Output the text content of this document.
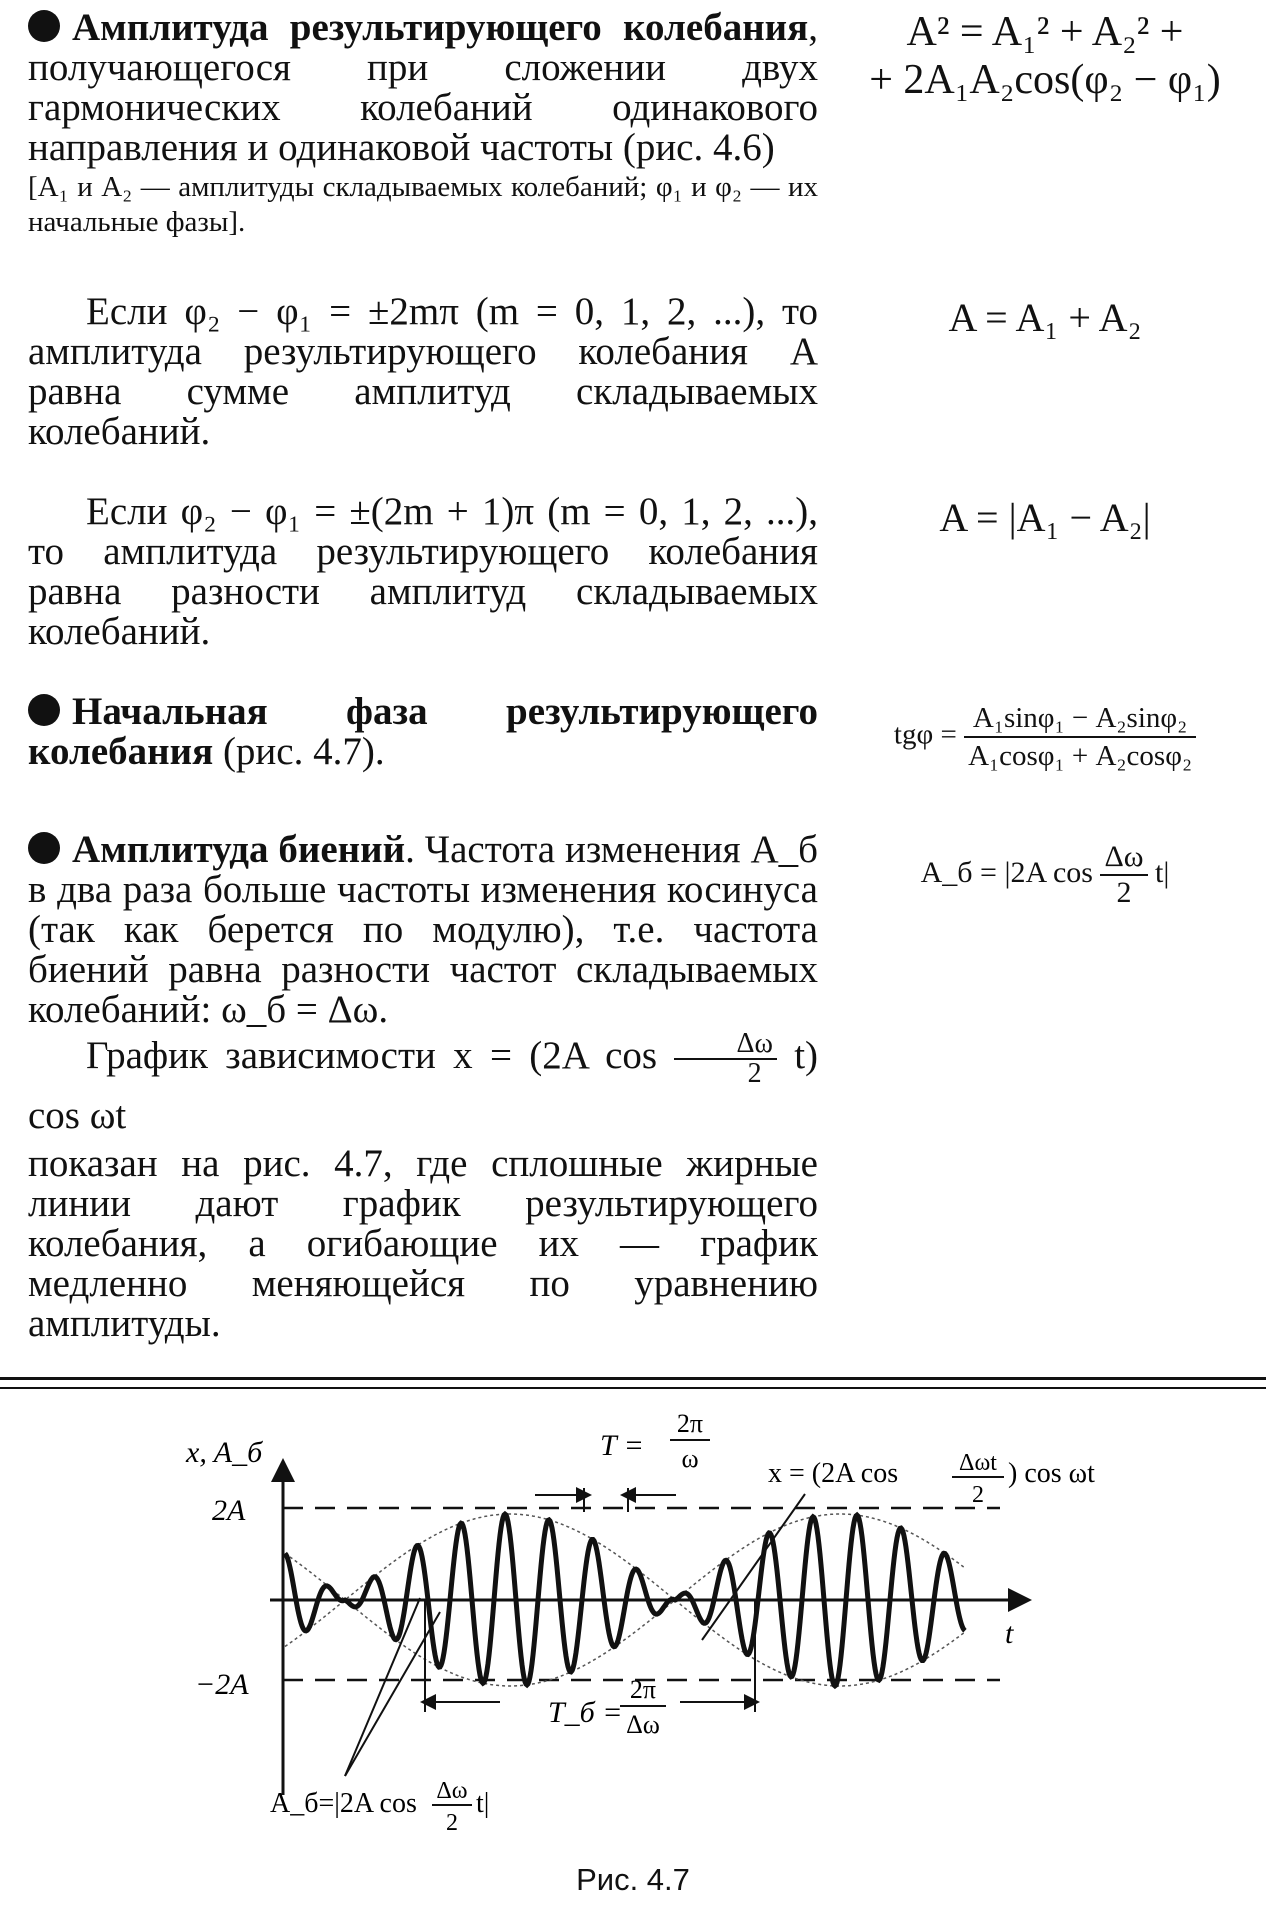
Амплитуда результирующего колебания, получающегося при сложении двух гармонических колебаний одинакового направления и одинаковой частоты (рис. 4.6)

[A₁ и A₂ — амплитуды складываемых колебаний; φ₁ и φ₂ — их начальные фазы].

A² = A₁² + A₂² +
+ 2A₁A₂cos(φ₂ − φ₁)

Если φ₂ − φ₁ = ±2mπ (m = 0, 1, 2, ...), то амплитуда результирующего колебания A равна сумме амплитуд складываемых колебаний.

A = A₁ + A₂

Если φ₂ − φ₁ = ±(2m + 1)π (m = 0, 1, 2, ...), то амплитуда результирующего колебания равна разности амплитуд складываемых колебаний.

A = |A₁ − A₂|

Начальная фаза результирующего колебания (рис. 4.7).	$tg\varphi = \frac{\text{A₁sinφ₁ − A₂sinφ₂}}{\text{A₁cosφ₁ + A₂cosφ₂}}$

Амплитуда биений. Частота изменения A_б в два раза больше частоты изменения косинуса (так как берется по модулю), т.е. частота биений равна разности частот складываемых колебаний: ω_б = Δω.

A_б = |2A $\cos \frac{\Delta\omega}{2} t|$

График зависимости x = (2A $\cos \frac{\Delta\omega}{2} t$) cos ωt

показан на рис. 4.7, где сплошные жирные линии дают график результирующего колебания, а огибающие их — график медленно меняющейся по уравнению амплитуды.

x, A_б
t
2A
−2A
T =
2π
ω x = (2A cos	Δωt
2
) cos ωt
T_б =
2π
Δω
A_б=|2A cos Δω
2
t|
Рис. 4.7
